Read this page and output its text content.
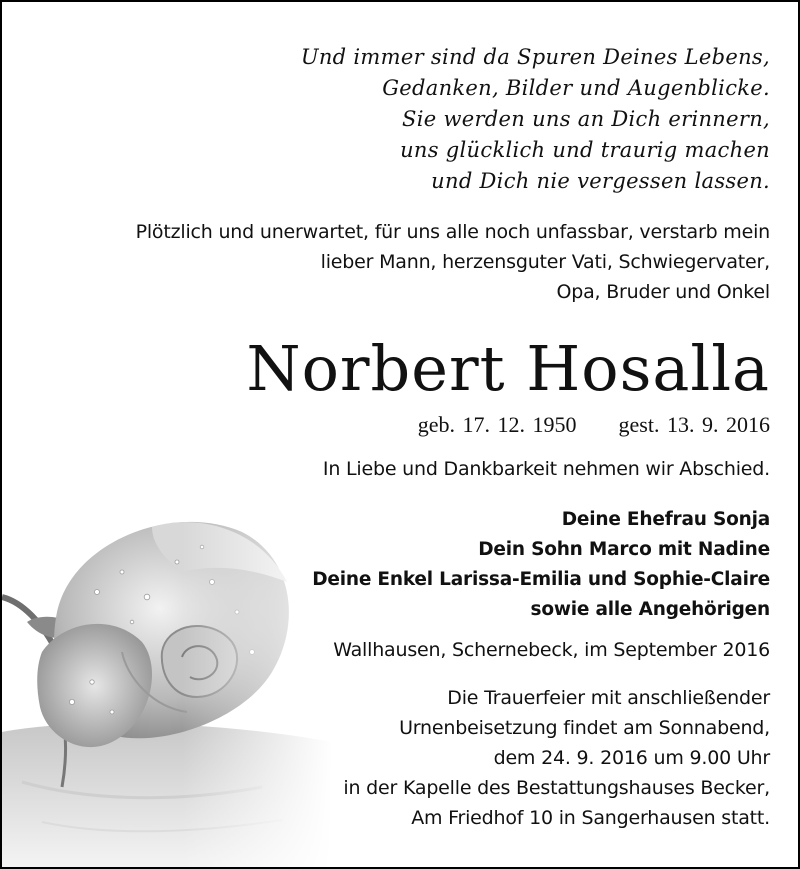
Und immer sind da Spuren Deines Lebens,
Gedanken, Bilder und Augenblicke.
Sie werden uns an Dich erinnern,
uns glücklich und traurig machen
und Dich nie vergessen lassen.

Plötzlich und unerwartet, für uns alle noch unfassbar, verstarb mein
lieber Mann, herzensguter Vati, Schwiegervater,
Opa, Bruder und Onkel

Norbert Hosalla

geb. 17. 12. 1950 gest. 13. 9. 2016

In Liebe und Dankbarkeit nehmen wir Abschied.

Deine Ehefrau Sonja
Dein Sohn Marco mit Nadine
Deine Enkel Larissa-Emilia und Sophie-Claire
sowie alle Angehörigen

Wallhausen, Schernebeck, im September 2016

Die Trauerfeier mit anschließender
Urnenbeisetzung findet am Sonnabend,
dem 24. 9. 2016 um 9.00 Uhr
in der Kapelle des Bestattungshauses Becker,
Am Friedhof 10 in Sangerhausen statt.
